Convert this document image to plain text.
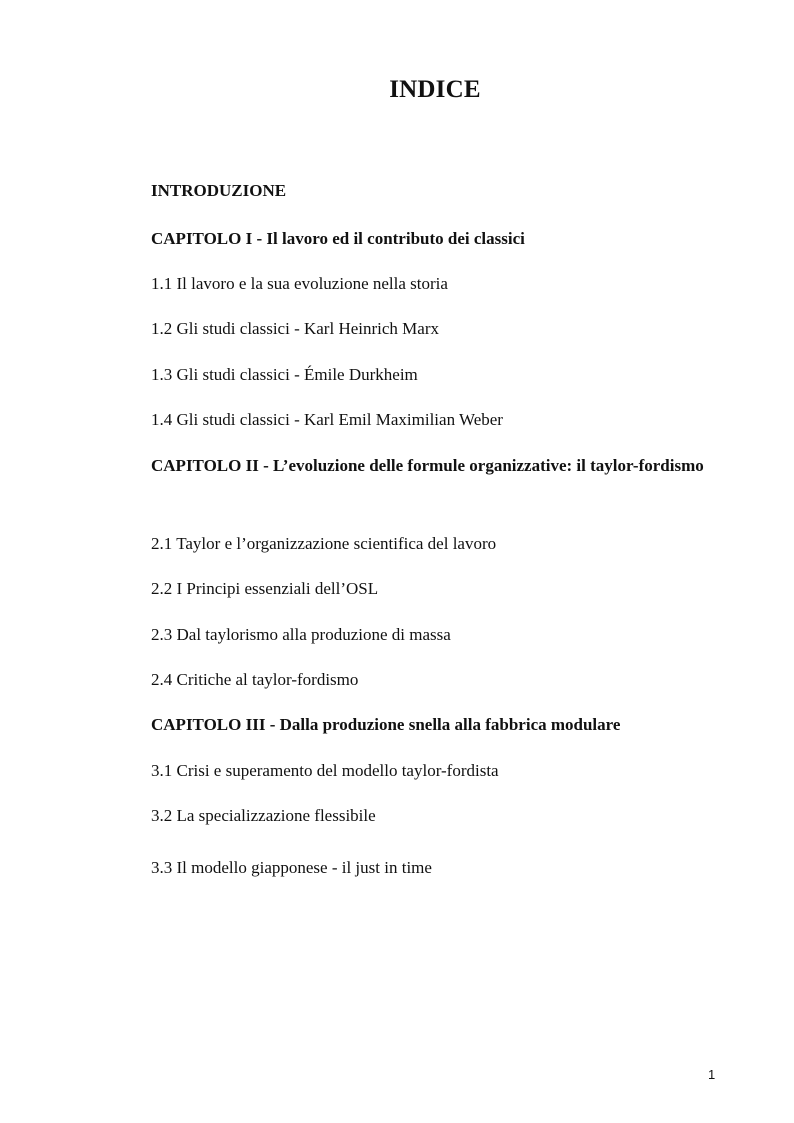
INDICE
INTRODUZIONE
CAPITOLO I - Il lavoro ed il contributo dei classici
1.1 Il lavoro e la sua evoluzione nella storia
1.2 Gli studi classici - Karl Heinrich Marx
1.3 Gli studi classici - Émile Durkheim
1.4 Gli studi classici - Karl Emil Maximilian Weber
CAPITOLO II - L’evoluzione delle formule organizzative: il taylor-fordismo
2.1 Taylor e l’organizzazione scientifica del lavoro
2.2 I Principi essenziali dell’OSL
2.3 Dal taylorismo alla produzione di massa
2.4 Critiche al taylor-fordismo
CAPITOLO III - Dalla produzione snella alla fabbrica modulare
3.1 Crisi e superamento del modello taylor-fordista
3.2 La specializzazione flessibile
3.3 Il modello giapponese - il just in time
1
